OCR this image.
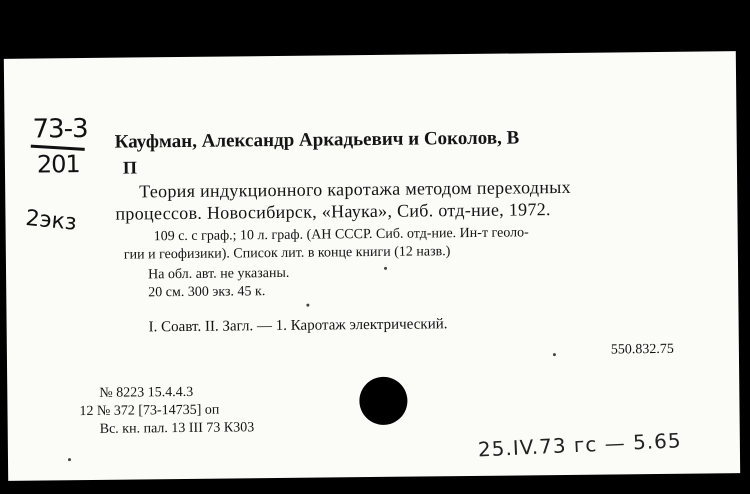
73-3
201
2экз
Кауфман, Александр Аркадьевич и Соколов, В
П
Теория индукционного каротажа методом переходных
процессов. Новосибирск, «Наука», Сиб. отд-ние, 1972.
109 с. с граф.; 10 л. граф. (АН СССР. Сиб. отд-ние. Ин-т геоло-
гии и геофизики). Список лит. в конце книги (12 назв.)
На обл. авт. не указаны.
20 см. 300 экз. 45 к.
I. Соавт. II. Загл. — 1. Каротаж электрический.
550.832.75
№ 8223 15.4.4.3
12 № 372 [73-14735] оп
Вс. кн. пал. 13 III 73 К303	25.IV.73 гс — 5.65
